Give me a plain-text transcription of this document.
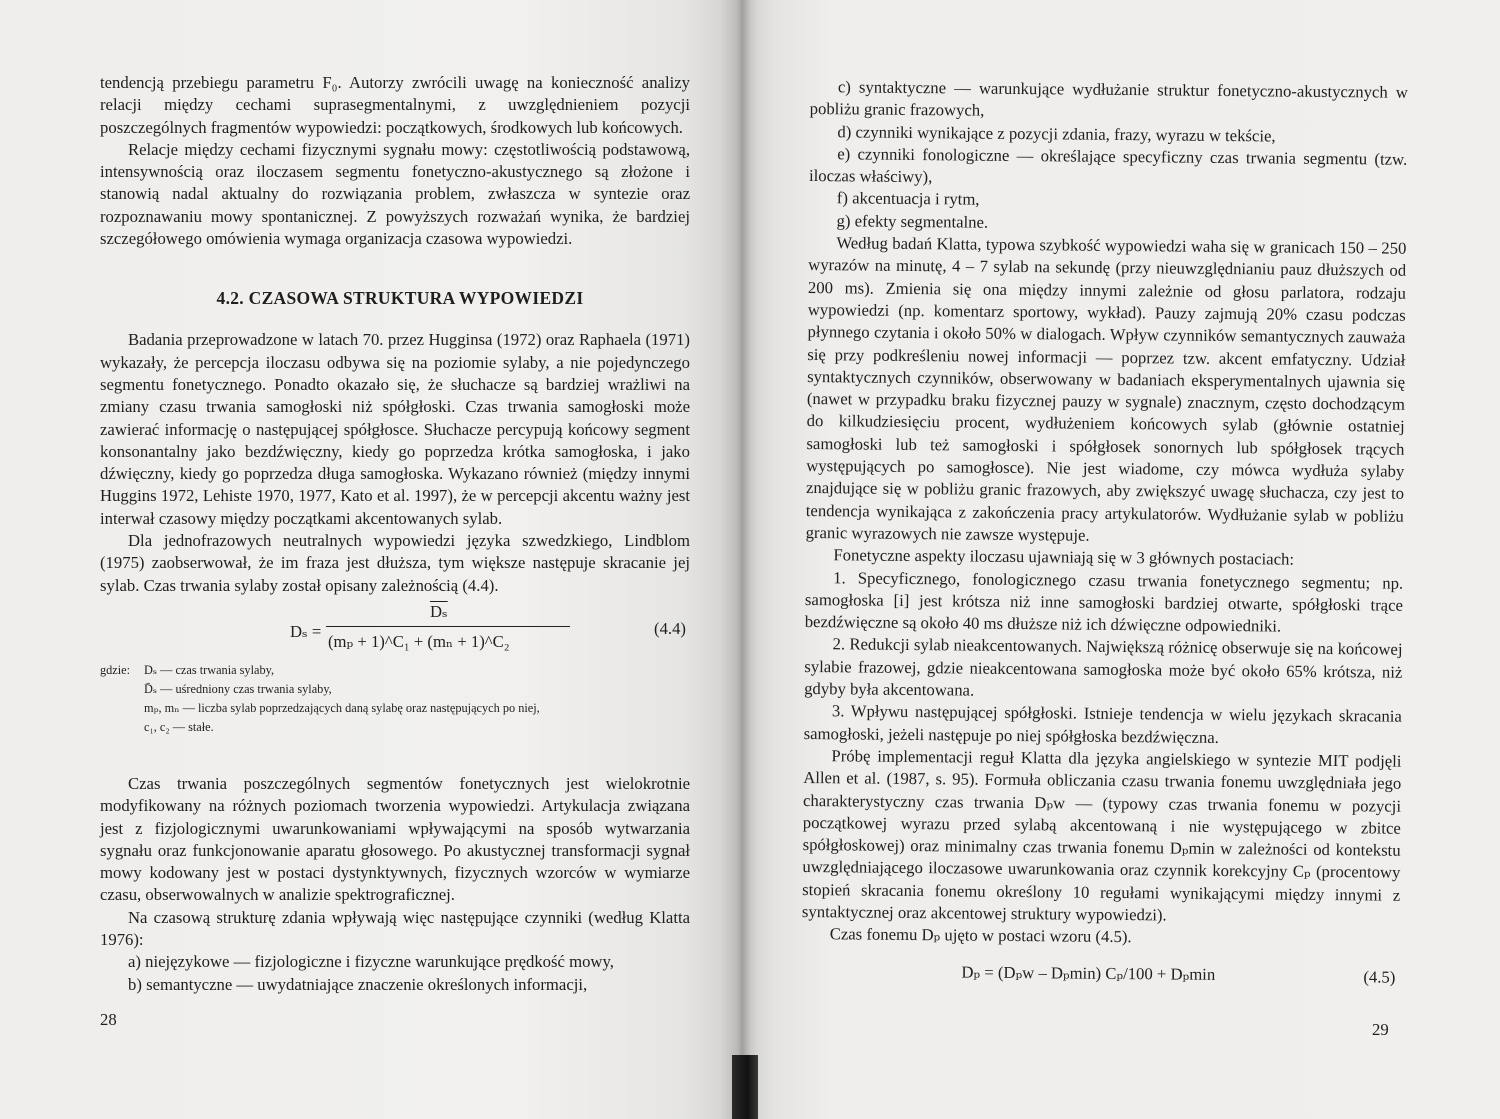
tendencją przebiegu parametru F₀. Autorzy zwrócili uwagę na konieczność analizy relacji między cechami suprasegmentalnymi, z uwzględnieniem pozycji poszczególnych fragmentów wypowiedzi: początkowych, środkowych lub końcowych.

Relacje między cechami fizycznymi sygnału mowy: częstotliwością podstawową, intensywnością oraz iloczasem segmentu fonetyczno-akustycznego są złożone i stanowią nadal aktualny do rozwiązania problem, zwłaszcza w syntezie oraz rozpoznawaniu mowy spontanicznej. Z powyższych rozważań wynika, że bardziej szczegółowego omówienia wymaga organizacja czasowa wypowiedzi.

4.2. CZASOWA STRUKTURA WYPOWIEDZI

Badania przeprowadzone w latach 70. przez Hugginsa (1972) oraz Raphaela (1971) wykazały, że percepcja iloczasu odbywa się na poziomie sylaby, a nie pojedynczego segmentu fonetycznego. Ponadto okazało się, że słuchacze są bardziej wrażliwi na zmiany czasu trwania samogłoski niż spółgłoski. Czas trwania samogłoski może zawierać informację o następującej spółgłosce. Słuchacze percypują końcowy segment konsonantalny jako bezdźwięczny, kiedy go poprzedza krótka samogłoska, i jako dźwięczny, kiedy go poprzedza długa samogłoska. Wykazano również (między innymi Huggins 1972, Lehiste 1970, 1977, Kato et al. 1997), że w percepcji akcentu ważny jest interwał czasowy między początkami akcentowanych sylab.

Dla jednofrazowych neutralnych wypowiedzi języka szwedzkiego, Lindblom (1975) zaobserwował, że im fraza jest dłuższa, tym większe następuje skracanie jej sylab. Czas trwania sylaby został opisany zależnością (4.4).

Dₛ =
$\overline{D_s}$
(mₚ + 1)^C₁ + (mₙ + 1)^C₂
(4.4)
gdzie: Dₛ — czas trwania sylaby,
D̄ₛ — uśredniony czas trwania sylaby,
mₚ, mₙ — liczba sylab poprzedzających daną sylabę oraz następujących po niej,
c₁, c₂ — stałe.

Czas trwania poszczególnych segmentów fonetycznych jest wielokrotnie modyfikowany na różnych poziomach tworzenia wypowiedzi. Artykulacja związana jest z fizjologicznymi uwarunkowaniami wpływającymi na sposób wytwarzania sygnału oraz funkcjonowanie aparatu głosowego. Po akustycznej transformacji sygnał mowy kodowany jest w postaci dystynktywnych, fizycznych wzorców w wymiarze czasu, obserwowalnych w analizie spektrograficznej.

Na czasową strukturę zdania wpływają więc następujące czynniki (według Klatta 1976):

a) niejęzykowe — fizjologiczne i fizyczne warunkujące prędkość mowy,

b) semantyczne — uwydatniające znaczenie określonych informacji,

28

c) syntaktyczne — warunkujące wydłużanie struktur fonetyczno-akustycznych w pobliżu granic frazowych,

d) czynniki wynikające z pozycji zdania, frazy, wyrazu w tekście,

e) czynniki fonologiczne — określające specyficzny czas trwania segmentu (tzw. iloczas właściwy),

f) akcentuacja i rytm,

g) efekty segmentalne.

Według badań Klatta, typowa szybkość wypowiedzi waha się w granicach 150 – 250 wyrazów na minutę, 4 – 7 sylab na sekundę (przy nieuwzględnianiu pauz dłuższych od 200 ms). Zmienia się ona między innymi zależnie od głosu parlatora, rodzaju wypowiedzi (np. komentarz sportowy, wykład). Pauzy zajmują 20% czasu podczas płynnego czytania i około 50% w dialogach. Wpływ czynników semantycznych zauważa się przy podkreśleniu nowej informacji — poprzez tzw. akcent emfatyczny. Udział syntaktycznych czynników, obserwowany w badaniach eksperymentalnych ujawnia się (nawet w przypadku braku fizycznej pauzy w sygnale) znacznym, często dochodzącym do kilkudziesięciu procent, wydłużeniem końcowych sylab (głównie ostatniej samogłoski lub też samogłoski i spółgłosek sonornych lub spółgłosek trących występujących po samogłosce). Nie jest wiadome, czy mówca wydłuża sylaby znajdujące się w pobliżu granic frazowych, aby zwiększyć uwagę słuchacza, czy jest to tendencja wynikająca z zakończenia pracy artykulatorów. Wydłużanie sylab w pobliżu granic wyrazowych nie zawsze występuje.

Fonetyczne aspekty iloczasu ujawniają się w 3 głównych postaciach:

1. Specyficznego, fonologicznego czasu trwania fonetycznego segmentu; np. samogłoska [i] jest krótsza niż inne samogłoski bardziej otwarte, spółgłoski trące bezdźwięczne są około 40 ms dłuższe niż ich dźwięczne odpowiedniki.

2. Redukcji sylab nieakcentowanych. Największą różnicę obserwuje się na końcowej sylabie frazowej, gdzie nieakcentowana samogłoska może być około 65% krótsza, niż gdyby była akcentowana.

3. Wpływu następującej spółgłoski. Istnieje tendencja w wielu językach skracania samogłoski, jeżeli następuje po niej spółgłoska bezdźwięczna.

Próbę implementacji reguł Klatta dla języka angielskiego w syntezie MIT podjęli Allen et al. (1987, s. 95). Formuła obliczania czasu trwania fonemu uwzględniała jego charakterystyczny czas trwania Dₚw — (typowy czas trwania fonemu w pozycji początkowej wyrazu przed sylabą akcentowaną i nie występującego w zbitce spółgłoskowej) oraz minimalny czas trwania fonemu Dₚmin w zależności od kontekstu uwzględniającego iloczasowe uwarunkowania oraz czynnik korekcyjny Cₚ (procentowy stopień skracania fonemu określony 10 regułami wynikającymi między innymi z syntaktycznej oraz akcentowej struktury wypowiedzi).

Czas fonemu Dₚ ujęto w postaci wzoru (4.5).

Dₚ = (Dₚw – Dₚmin) Cₚ/100 + Dₚmin	(4.5)
29
